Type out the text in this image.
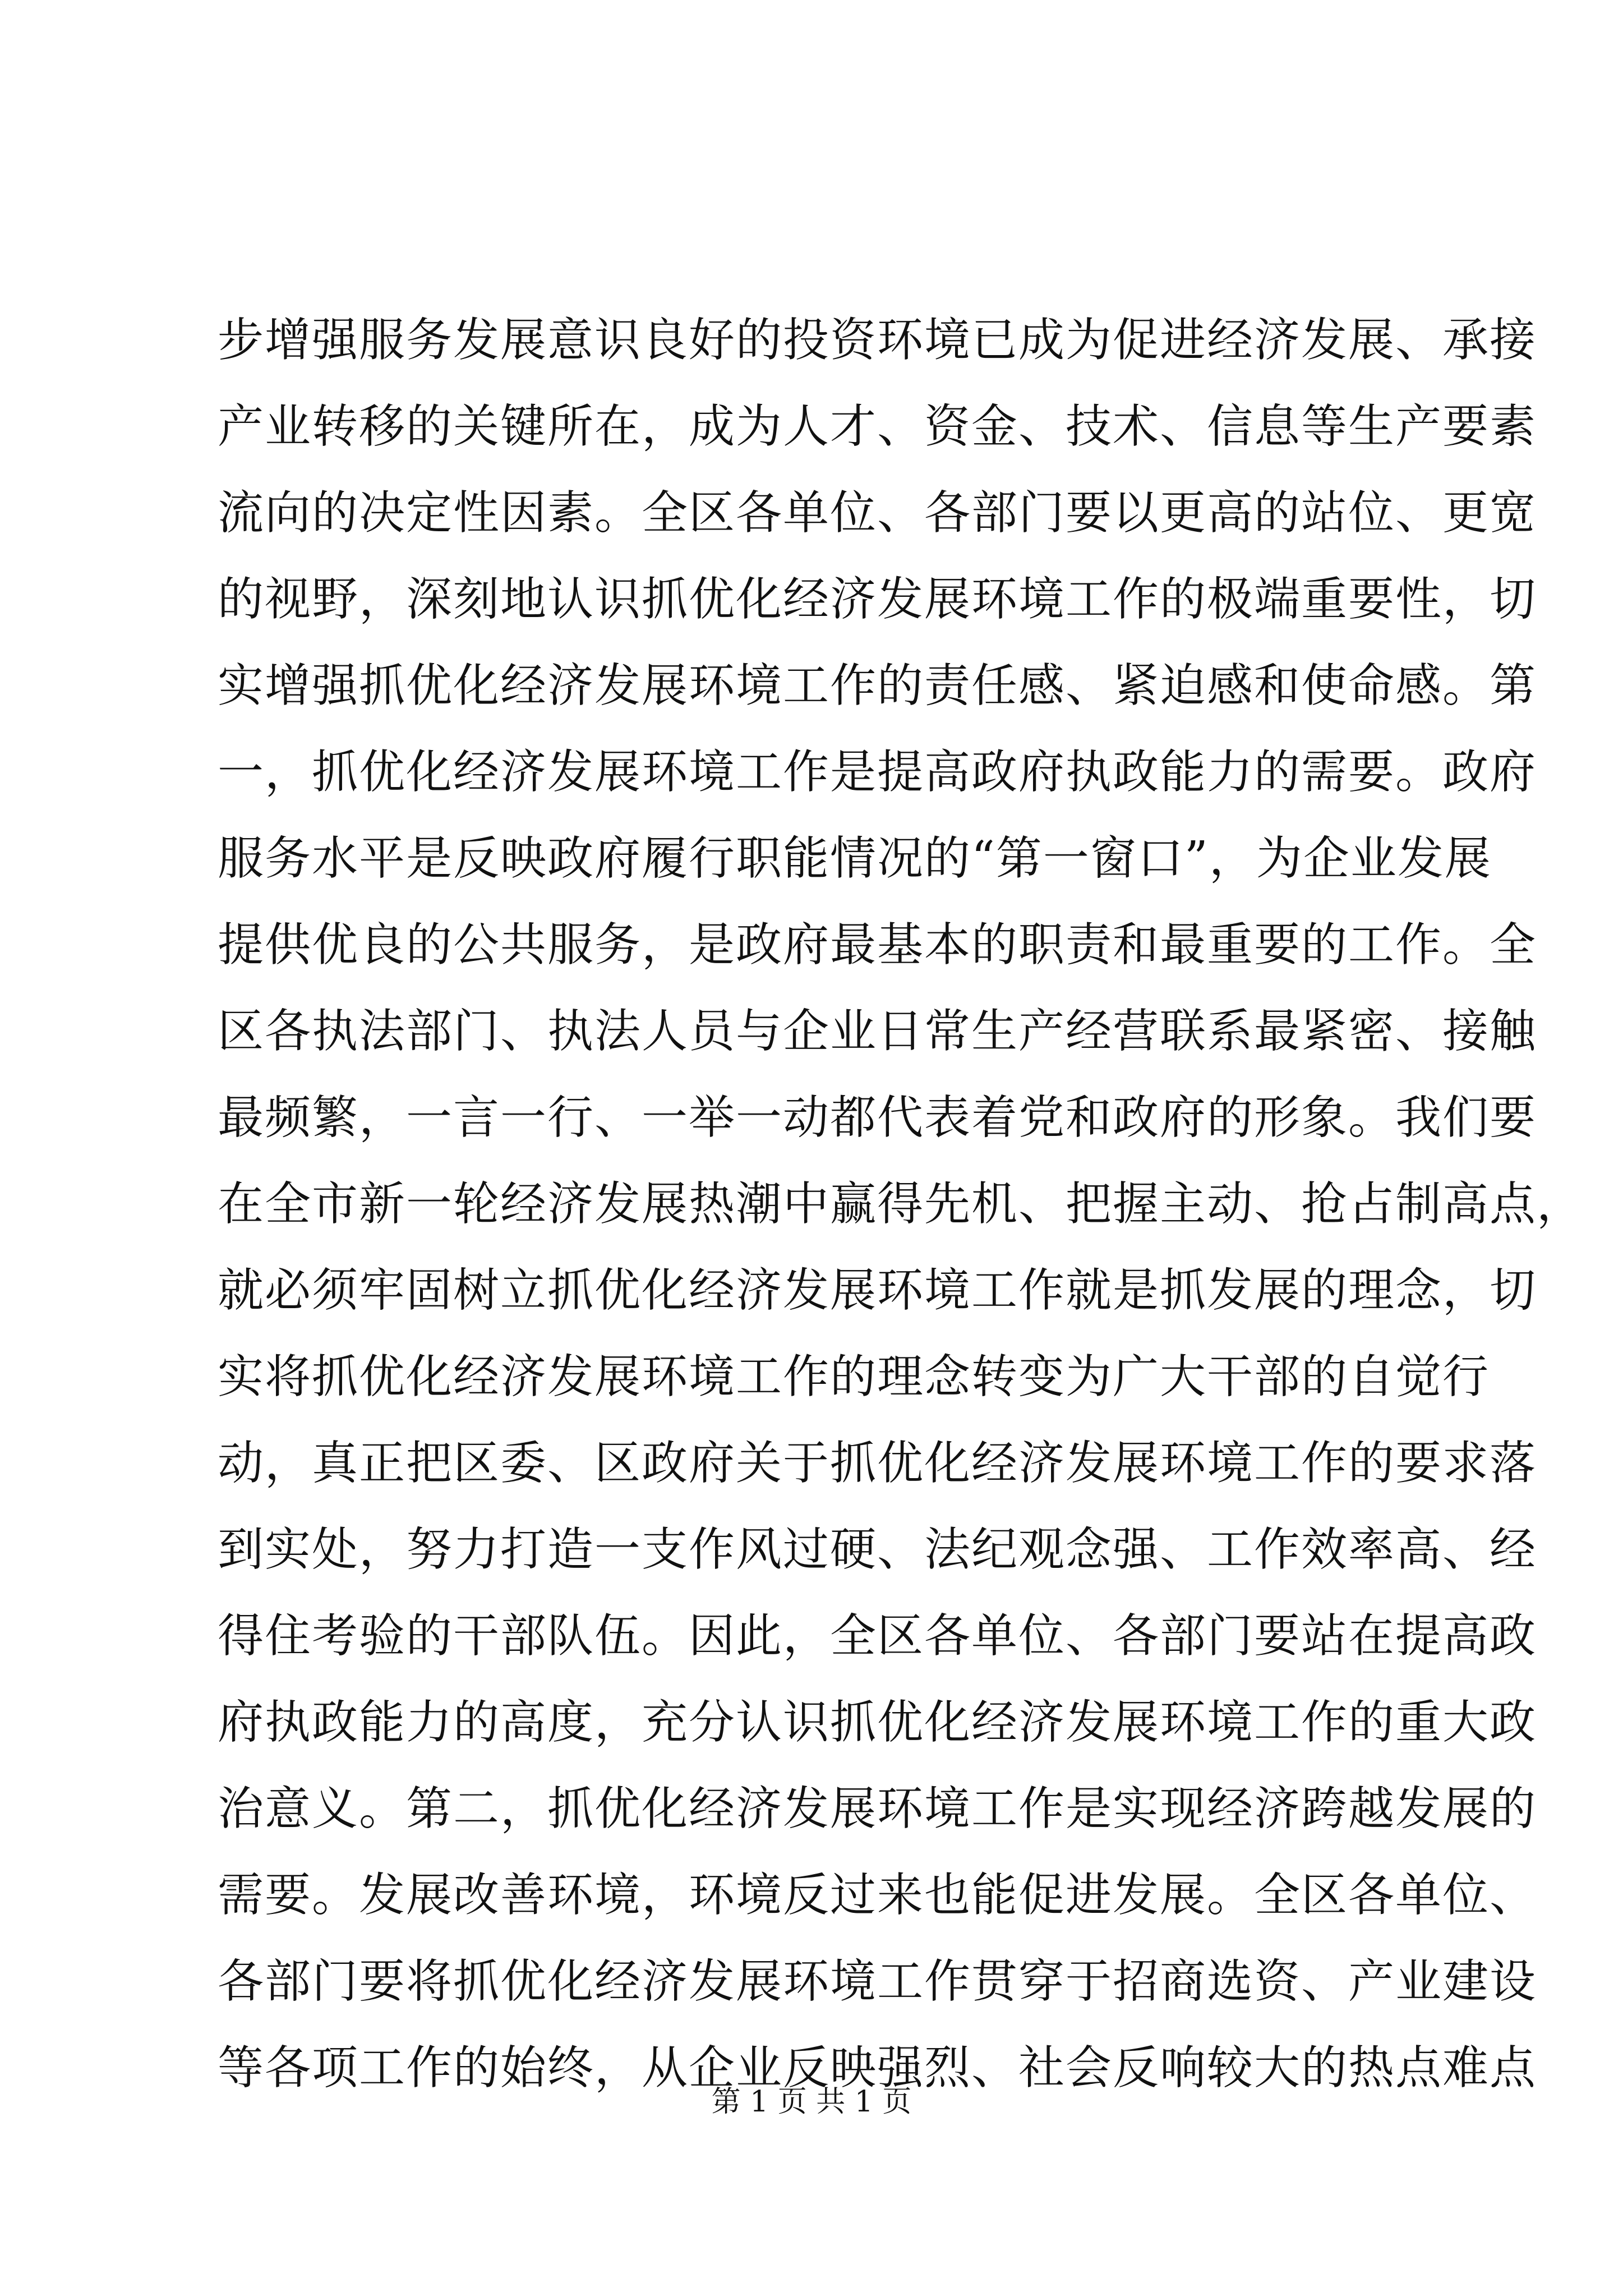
步增强服务发展意识良好的投资环境已成为促进经济发展、承接
产业转移的关键所在，成为人才、资金、技术、信息等生产要素
流向的决定性因素。全区各单位、各部门要以更高的站位、更宽
的视野，深刻地认识抓优化经济发展环境工作的极端重要性，切
实增强抓优化经济发展环境工作的责任感、紧迫感和使命感。第
一，抓优化经济发展环境工作是提高政府执政能力的需要。政府
服务水平是反映政府履行职能情况的“第一窗口”，为企业发展
提供优良的公共服务，是政府最基本的职责和最重要的工作。全
区各执法部门、执法人员与企业日常生产经营联系最紧密、接触
最频繁，一言一行、一举一动都代表着党和政府的形象。我们要
在全市新一轮经济发展热潮中赢得先机、把握主动、抢占制高点，
就必须牢固树立抓优化经济发展环境工作就是抓发展的理念，切
实将抓优化经济发展环境工作的理念转变为广大干部的自觉行
动，真正把区委、区政府关于抓优化经济发展环境工作的要求落
到实处，努力打造一支作风过硬、法纪观念强、工作效率高、经
得住考验的干部队伍。因此，全区各单位、各部门要站在提高政
府执政能力的高度，充分认识抓优化经济发展环境工作的重大政
治意义。第二，抓优化经济发展环境工作是实现经济跨越发展的
需要。发展改善环境，环境反过来也能促进发展。全区各单位、
各部门要将抓优化经济发展环境工作贯穿于招商选资、产业建设
等各项工作的始终，从企业反映强烈、社会反响较大的热点难点
第 1 页 共 1 页
